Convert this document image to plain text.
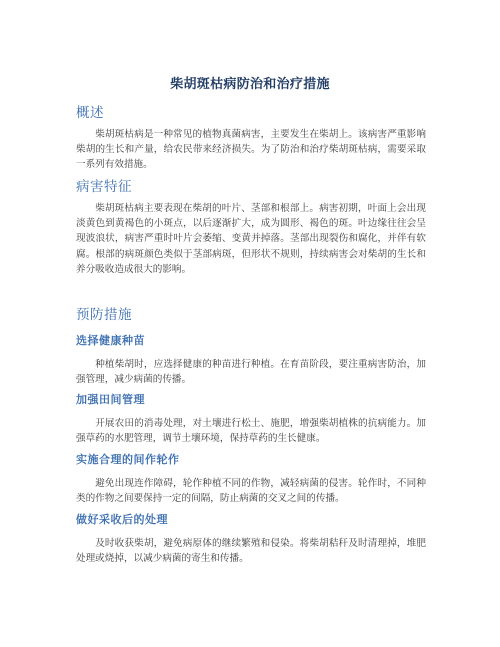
柴胡斑枯病防治和治疗措施
概述

柴胡斑枯病是一种常见的植物真菌病害，主要发生在柴胡上。该病害严重影响柴胡的生长和产量，给农民带来经济损失。为了防治和治疗柴胡斑枯病，需要采取一系列有效措施。

病害特征

柴胡斑枯病主要表现在柴胡的叶片、茎部和根部上。病害初期，叶面上会出现淡黄色到黄褐色的小斑点，以后逐渐扩大，成为圆形、褐色的斑。叶边缘往往会呈现波浪状，病害严重时叶片会萎缩、变黄并掉落。茎部出现裂伤和腐化，并伴有软腐。根部的病斑颜色类似于茎部病斑，但形状不规则，持续病害会对柴胡的生长和养分吸收造成很大的影响。

预防措施
选择健康种苗

种植柴胡时，应选择健康的种苗进行种植。在育苗阶段，要注重病害防治，加强管理，减少病菌的传播。

加强田间管理

开展农田的消毒处理，对土壤进行松土、施肥，增强柴胡植株的抗病能力。加强草药的水肥管理，调节土壤环境，保持草药的生长健康。

实施合理的间作轮作

避免出现连作障碍，轮作种植不同的作物，减轻病菌的侵害。轮作时，不同种类的作物之间要保持一定的间隔，防止病菌的交叉之间的传播。

做好采收后的处理

及时收获柴胡，避免病原体的继续繁殖和侵染。将柴胡秸秆及时清理掉，堆肥处理或烧掉，以减少病菌的寄生和传播。
